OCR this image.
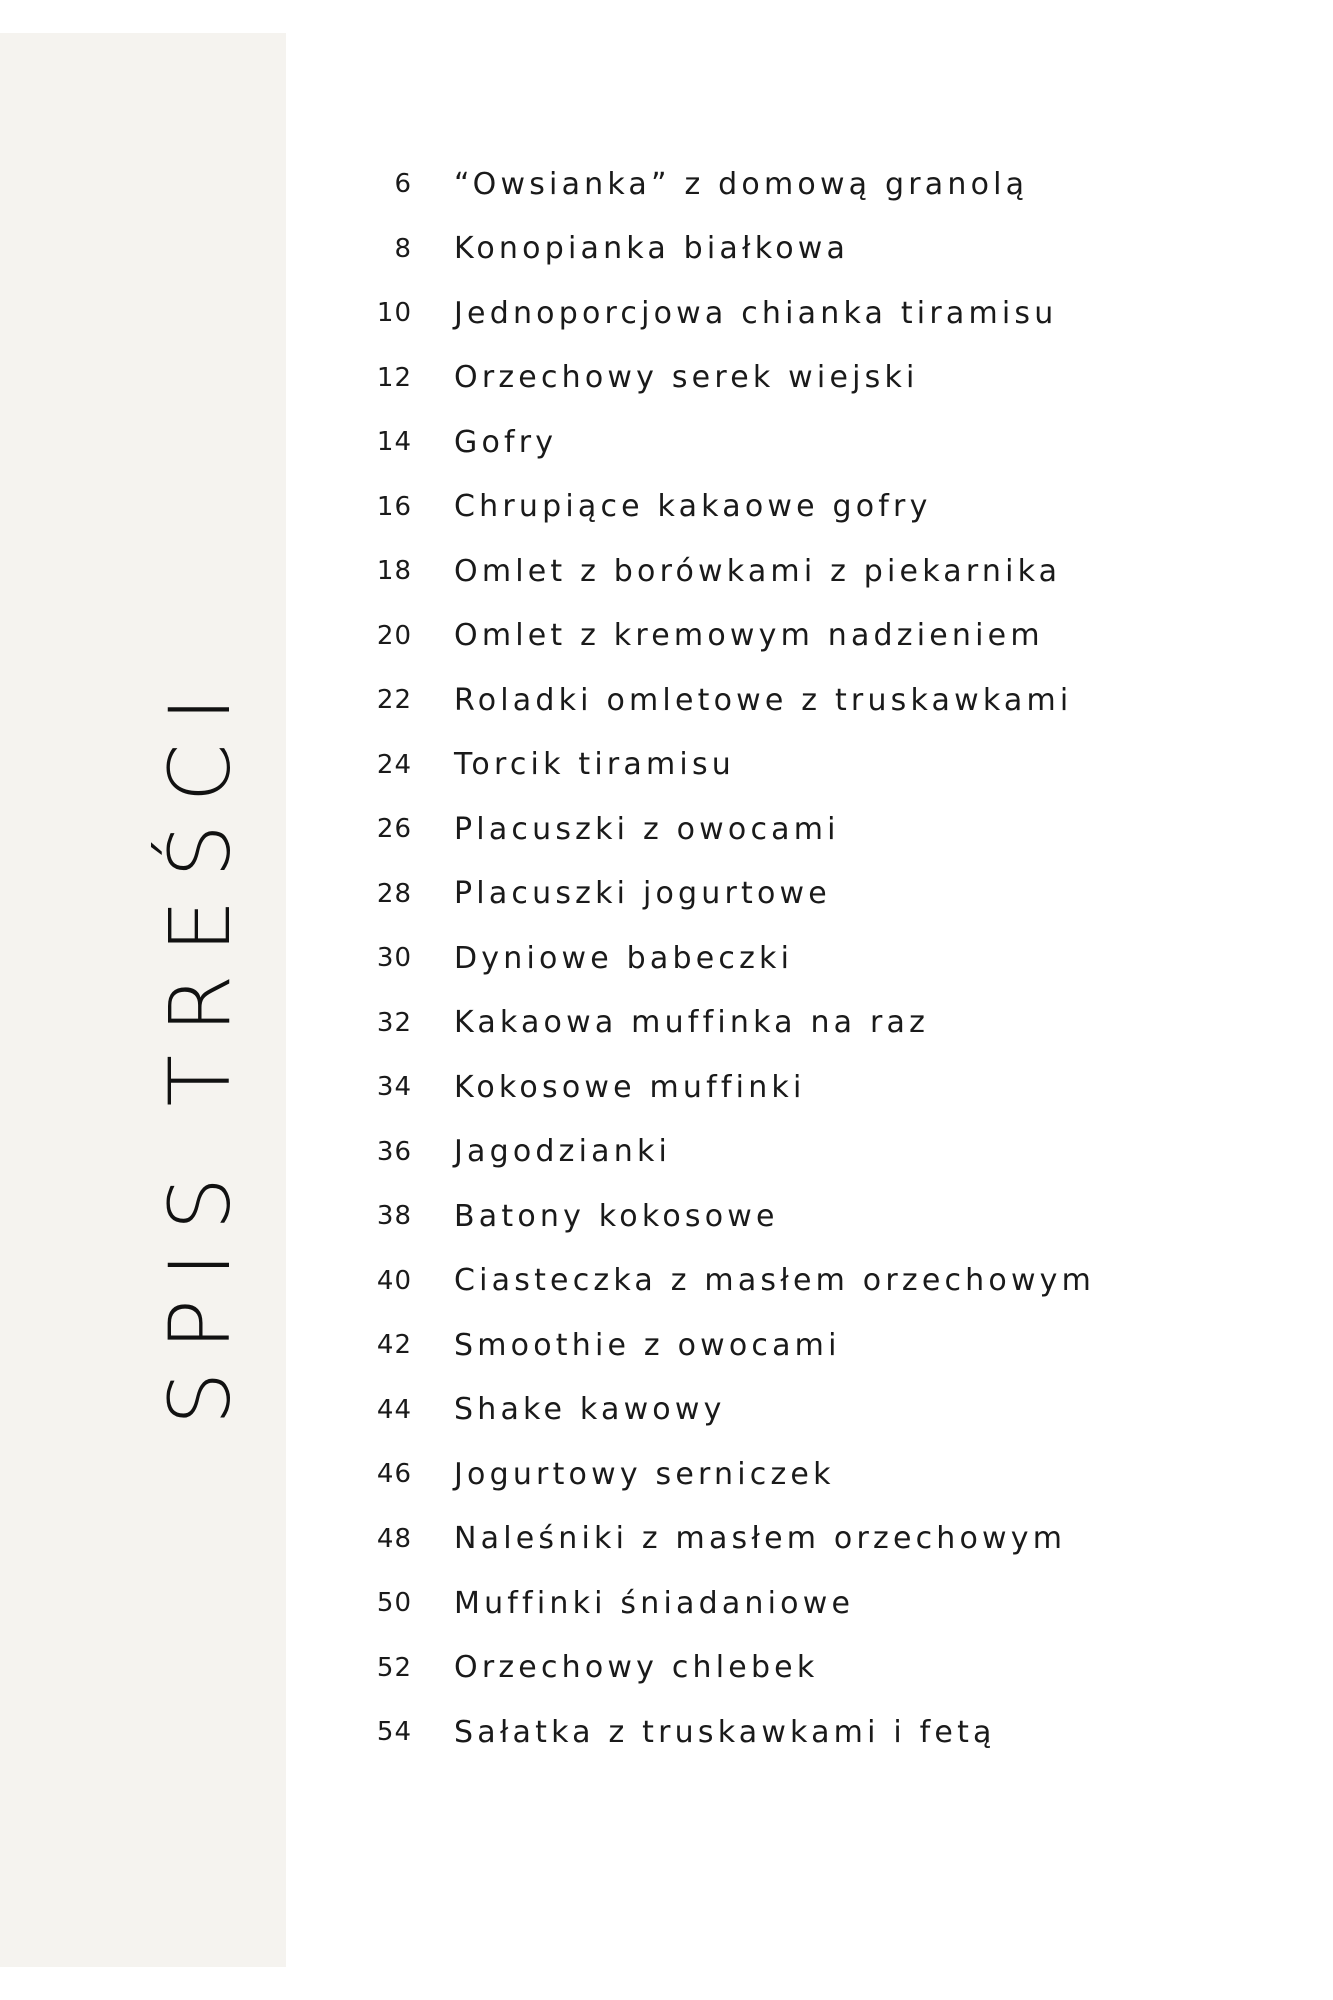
SPIS TREŚCI
6 “Owsianka” z domową granolą
8 Konopianka białkowa
10 Jednoporcjowa chianka tiramisu
12 Orzechowy serek wiejski
14 Gofry
16 Chrupiące kakaowe gofry
18 Omlet z borówkami z piekarnika
20 Omlet z kremowym nadzieniem
22 Roladki omletowe z truskawkami
24 Torcik tiramisu
26 Placuszki z owocami
28 Placuszki jogurtowe
30 Dyniowe babeczki
32 Kakaowa muffinka na raz
34 Kokosowe muffinki
36 Jagodzianki
38 Batony kokosowe
40 Ciasteczka z masłem orzechowym
42 Smoothie z owocami
44 Shake kawowy
46 Jogurtowy serniczek
48 Naleśniki z masłem orzechowym
50 Muffinki śniadaniowe
52 Orzechowy chlebek
54 Sałatka z truskawkami i fetą
